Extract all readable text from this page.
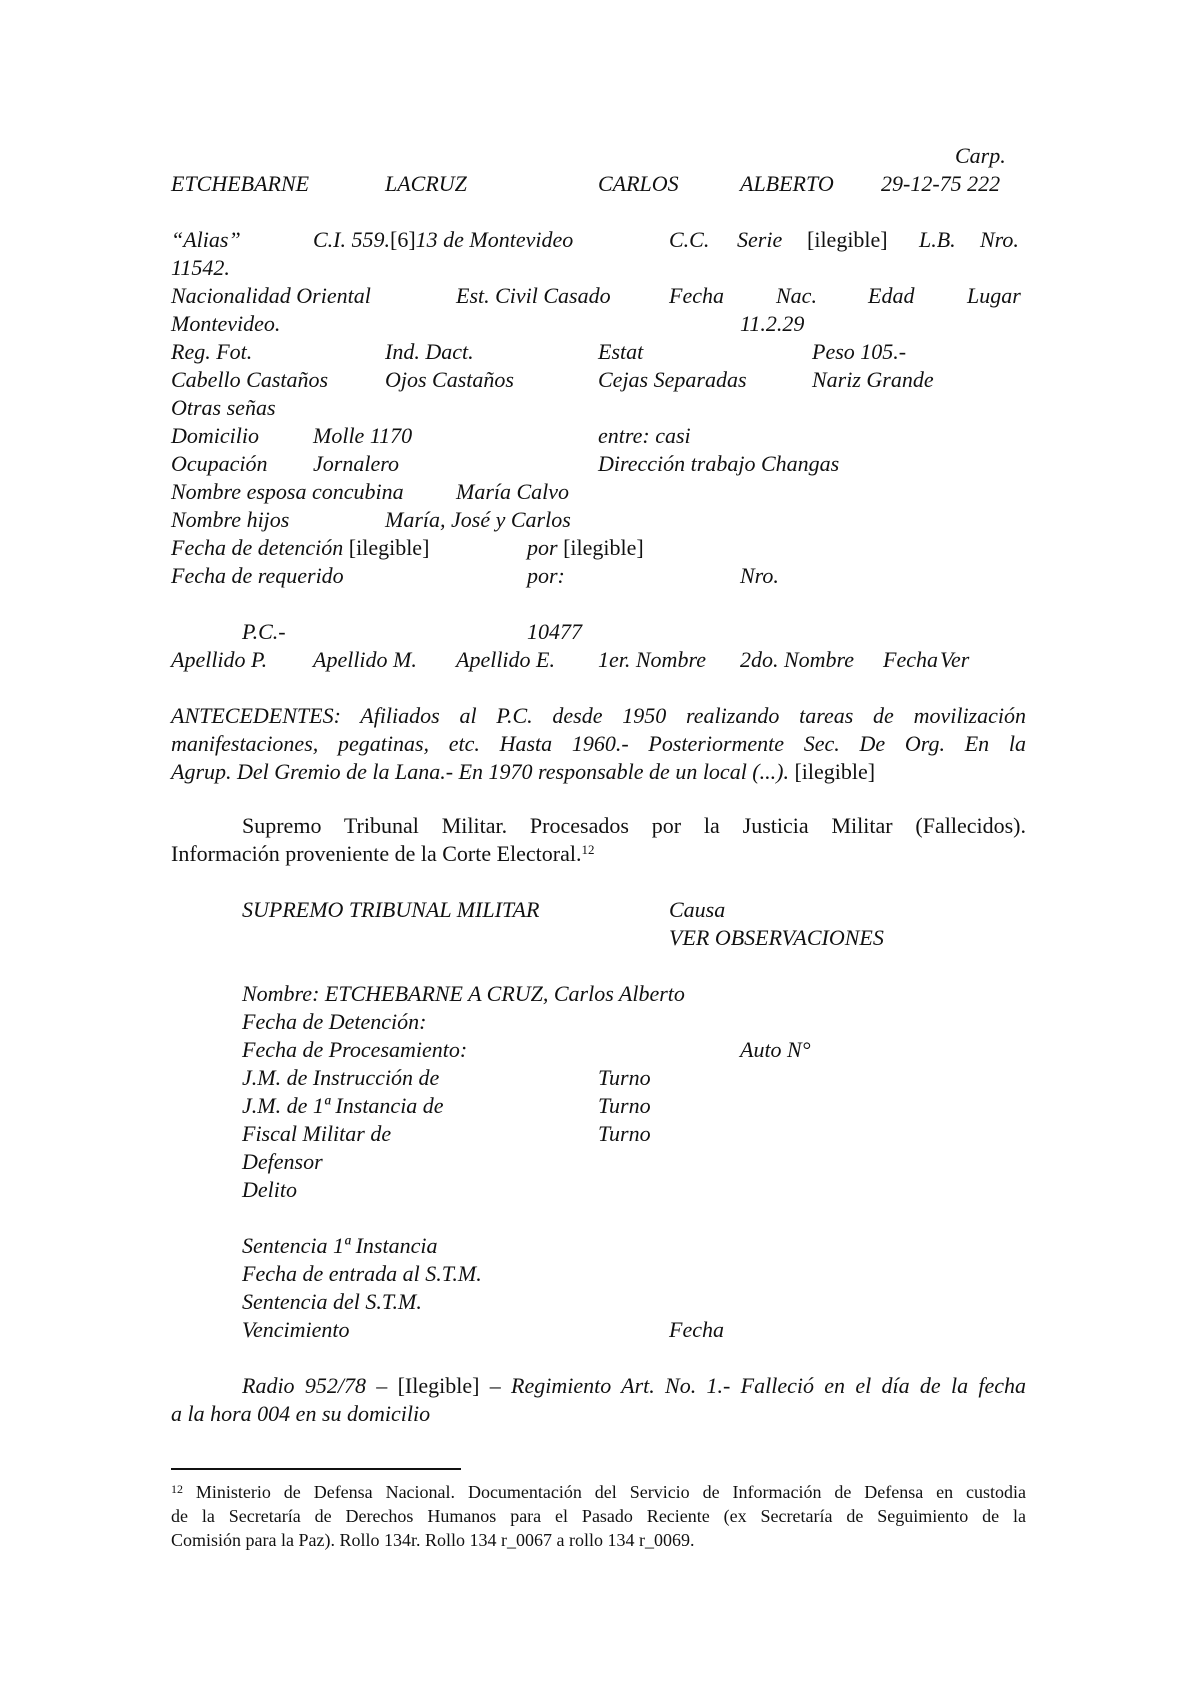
Carp.
ETCHEBARNE	LACRUZ	CARLOS	ALBERTO 29-12-75 222
“Alias”	C.I. 559.[6]13 de Montevideo	C.C. Serie [ilegible] L.B. Nro.
11542.
Nacionalidad Oriental	Est. Civil Casado	Fecha Nac. Edad Lugar
Montevideo.	11.2.29
Reg. Fot.	Ind. Dact.	Estat	Peso 105.-
Cabello Castaños	Ojos Castaños	Cejas Separadas	Nariz Grande
Otras señas
Domicilio Molle 1170	entre: casi
Ocupación Jornalero	Dirección trabajo Changas
Nombre esposa concubina María Calvo
Nombre hijos	María, José y Carlos
Fecha de detención [ilegible]	por [ilegible]
Fecha de requerido	por:	Nro.
P.C.-	10477
Apellido P. Apellido M. Apellido E. 1er. Nombre 2do. Nombre Fecha Ver
ANTECEDENTES: Afiliados al P.C. desde 1950 realizando tareas de movilización
manifestaciones, pegatinas, etc. Hasta 1960.- Posteriormente Sec. De Org. En la
Agrup. Del Gremio de la Lana.- En 1970 responsable de un local (...). [ilegible]
Supremo Tribunal Militar. Procesados por la Justicia Militar (Fallecidos).
Información proveniente de la Corte Electoral.$^{12}$
SUPREMO TRIBUNAL MILITAR	Causa
VER OBSERVACIONES
Nombre: ETCHEBARNE A CRUZ, Carlos Alberto
Fecha de Detención:
Fecha de Procesamiento:	Auto N°
J.M. de Instrucción de	Turno
J.M. de 1ª Instancia de	Turno
Fiscal Militar de	Turno
Defensor
Delito
Sentencia 1ª Instancia
Fecha de entrada al S.T.M.
Sentencia del S.T.M.
Vencimiento	Fecha
Radio 952/78 – [Ilegible] – Regimiento Art. No. 1.- Falleció en el día de la fecha
a la hora 004 en su domicilio
$^{12}$ Ministerio de Defensa Nacional. Documentación del Servicio de Información de Defensa en custodia
de la Secretaría de Derechos Humanos para el Pasado Reciente (ex Secretaría de Seguimiento de la
Comisión para la Paz). Rollo 134r. Rollo 134 r_0067 a rollo 134 r_0069.
